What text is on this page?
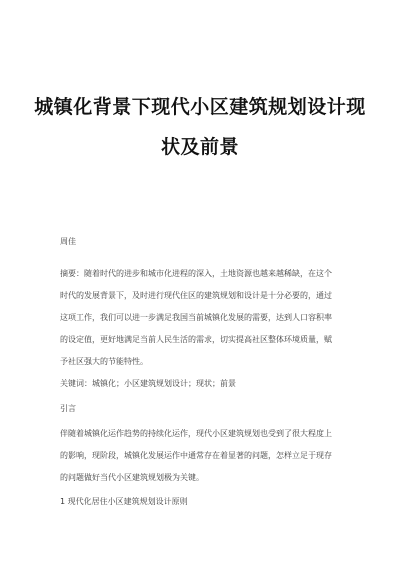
城镇化背景下现代小区建筑规划设计现
状及前景
周佳
摘要：随着时代的进步和城市化进程的深入，土地资源也越来越稀缺，在这个
时代的发展背景下，及时进行现代住区的建筑规划和设计是十分必要的，通过
这项工作，我们可以进一步满足我国当前城镇化发展的需要，达到人口容积率
的设定值，更好地满足当前人民生活的需求，切实提高社区整体环境质量，赋
予社区强大的节能特性。
关键词：城镇化；小区建筑规划设计；现状；前景
引言
伴随着城镇化运作趋势的持续化运作，现代小区建筑规划也受到了很大程度上
的影响，现阶段，城镇化发展运作中通常存在着显著的问题，怎样立足于现存
的问题做好当代小区建筑规划极为关键。
1 现代化居住小区建筑规划设计原则
